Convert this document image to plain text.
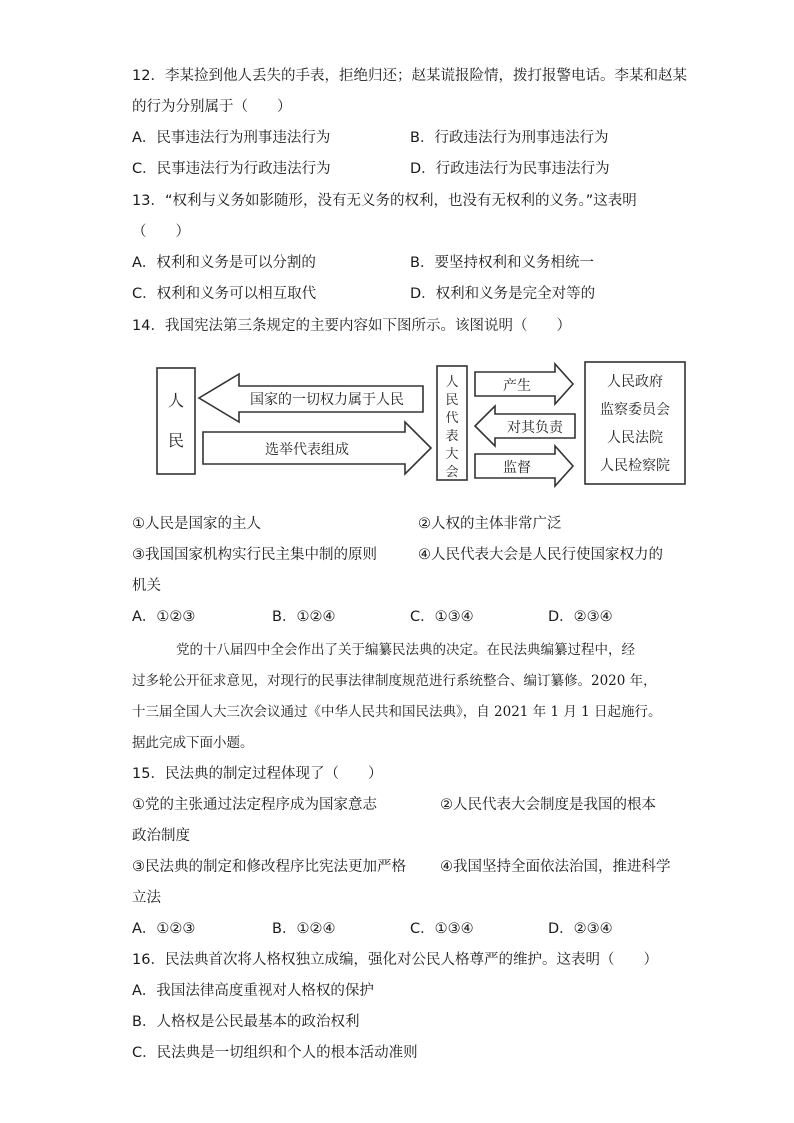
12．李某捡到他人丢失的手表，拒绝归还；赵某谎报险情，拨打报警电话。李某和赵某
的行为分别属于（　　）
A．民事违法行为刑事违法行为	B．行政违法行为刑事违法行为
C．民事违法行为行政违法行为	D．行政违法行为民事违法行为
13．“权利与义务如影随形，没有无义务的权利，也没有无权利的义务。”这表明
（　　）
A．权利和义务是可以分割的	B．要坚持权利和义务相统一
C．权利和义务可以相互取代	D．权利和义务是完全对等的
14．我国宪法第三条规定的主要内容如下图所示。该图说明（　　）
人
民
国家的一切权力属于人民
选举代表组成
人
民
代
表
大
会
产生
对其负责
监督
人民政府
监察委员会
人民法院
人民检察院
①人民是国家的主人	②人权的主体非常广泛
③我国国家机构实行民主集中制的原则	④人民代表大会是人民行使国家权力的
机关
A．①②③	B．①②④	C．①③④	D．②③④
党的十八届四中全会作出了关于编纂民法典的决定。在民法典编纂过程中，经
过多轮公开征求意见，对现行的民事法律制度规范进行系统整合、编订纂修。2020 年，
十三届全国人大三次会议通过《中华人民共和国民法典》，自 2021 年 1 月 1 日起施行。
据此完成下面小题。
15．民法典的制定过程体现了（　　）
①党的主张通过法定程序成为国家意志	②人民代表大会制度是我国的根本
政治制度
③民法典的制定和修改程序比宪法更加严格 ④我国坚持全面依法治国，推进科学
立法
A．①②③	B．①②④	C．①③④	D．②③④
16．民法典首次将人格权独立成编，强化对公民人格尊严的维护。这表明（　　）
A．我国法律高度重视对人格权的保护
B．人格权是公民最基本的政治权利
C．民法典是一切组织和个人的根本活动准则
